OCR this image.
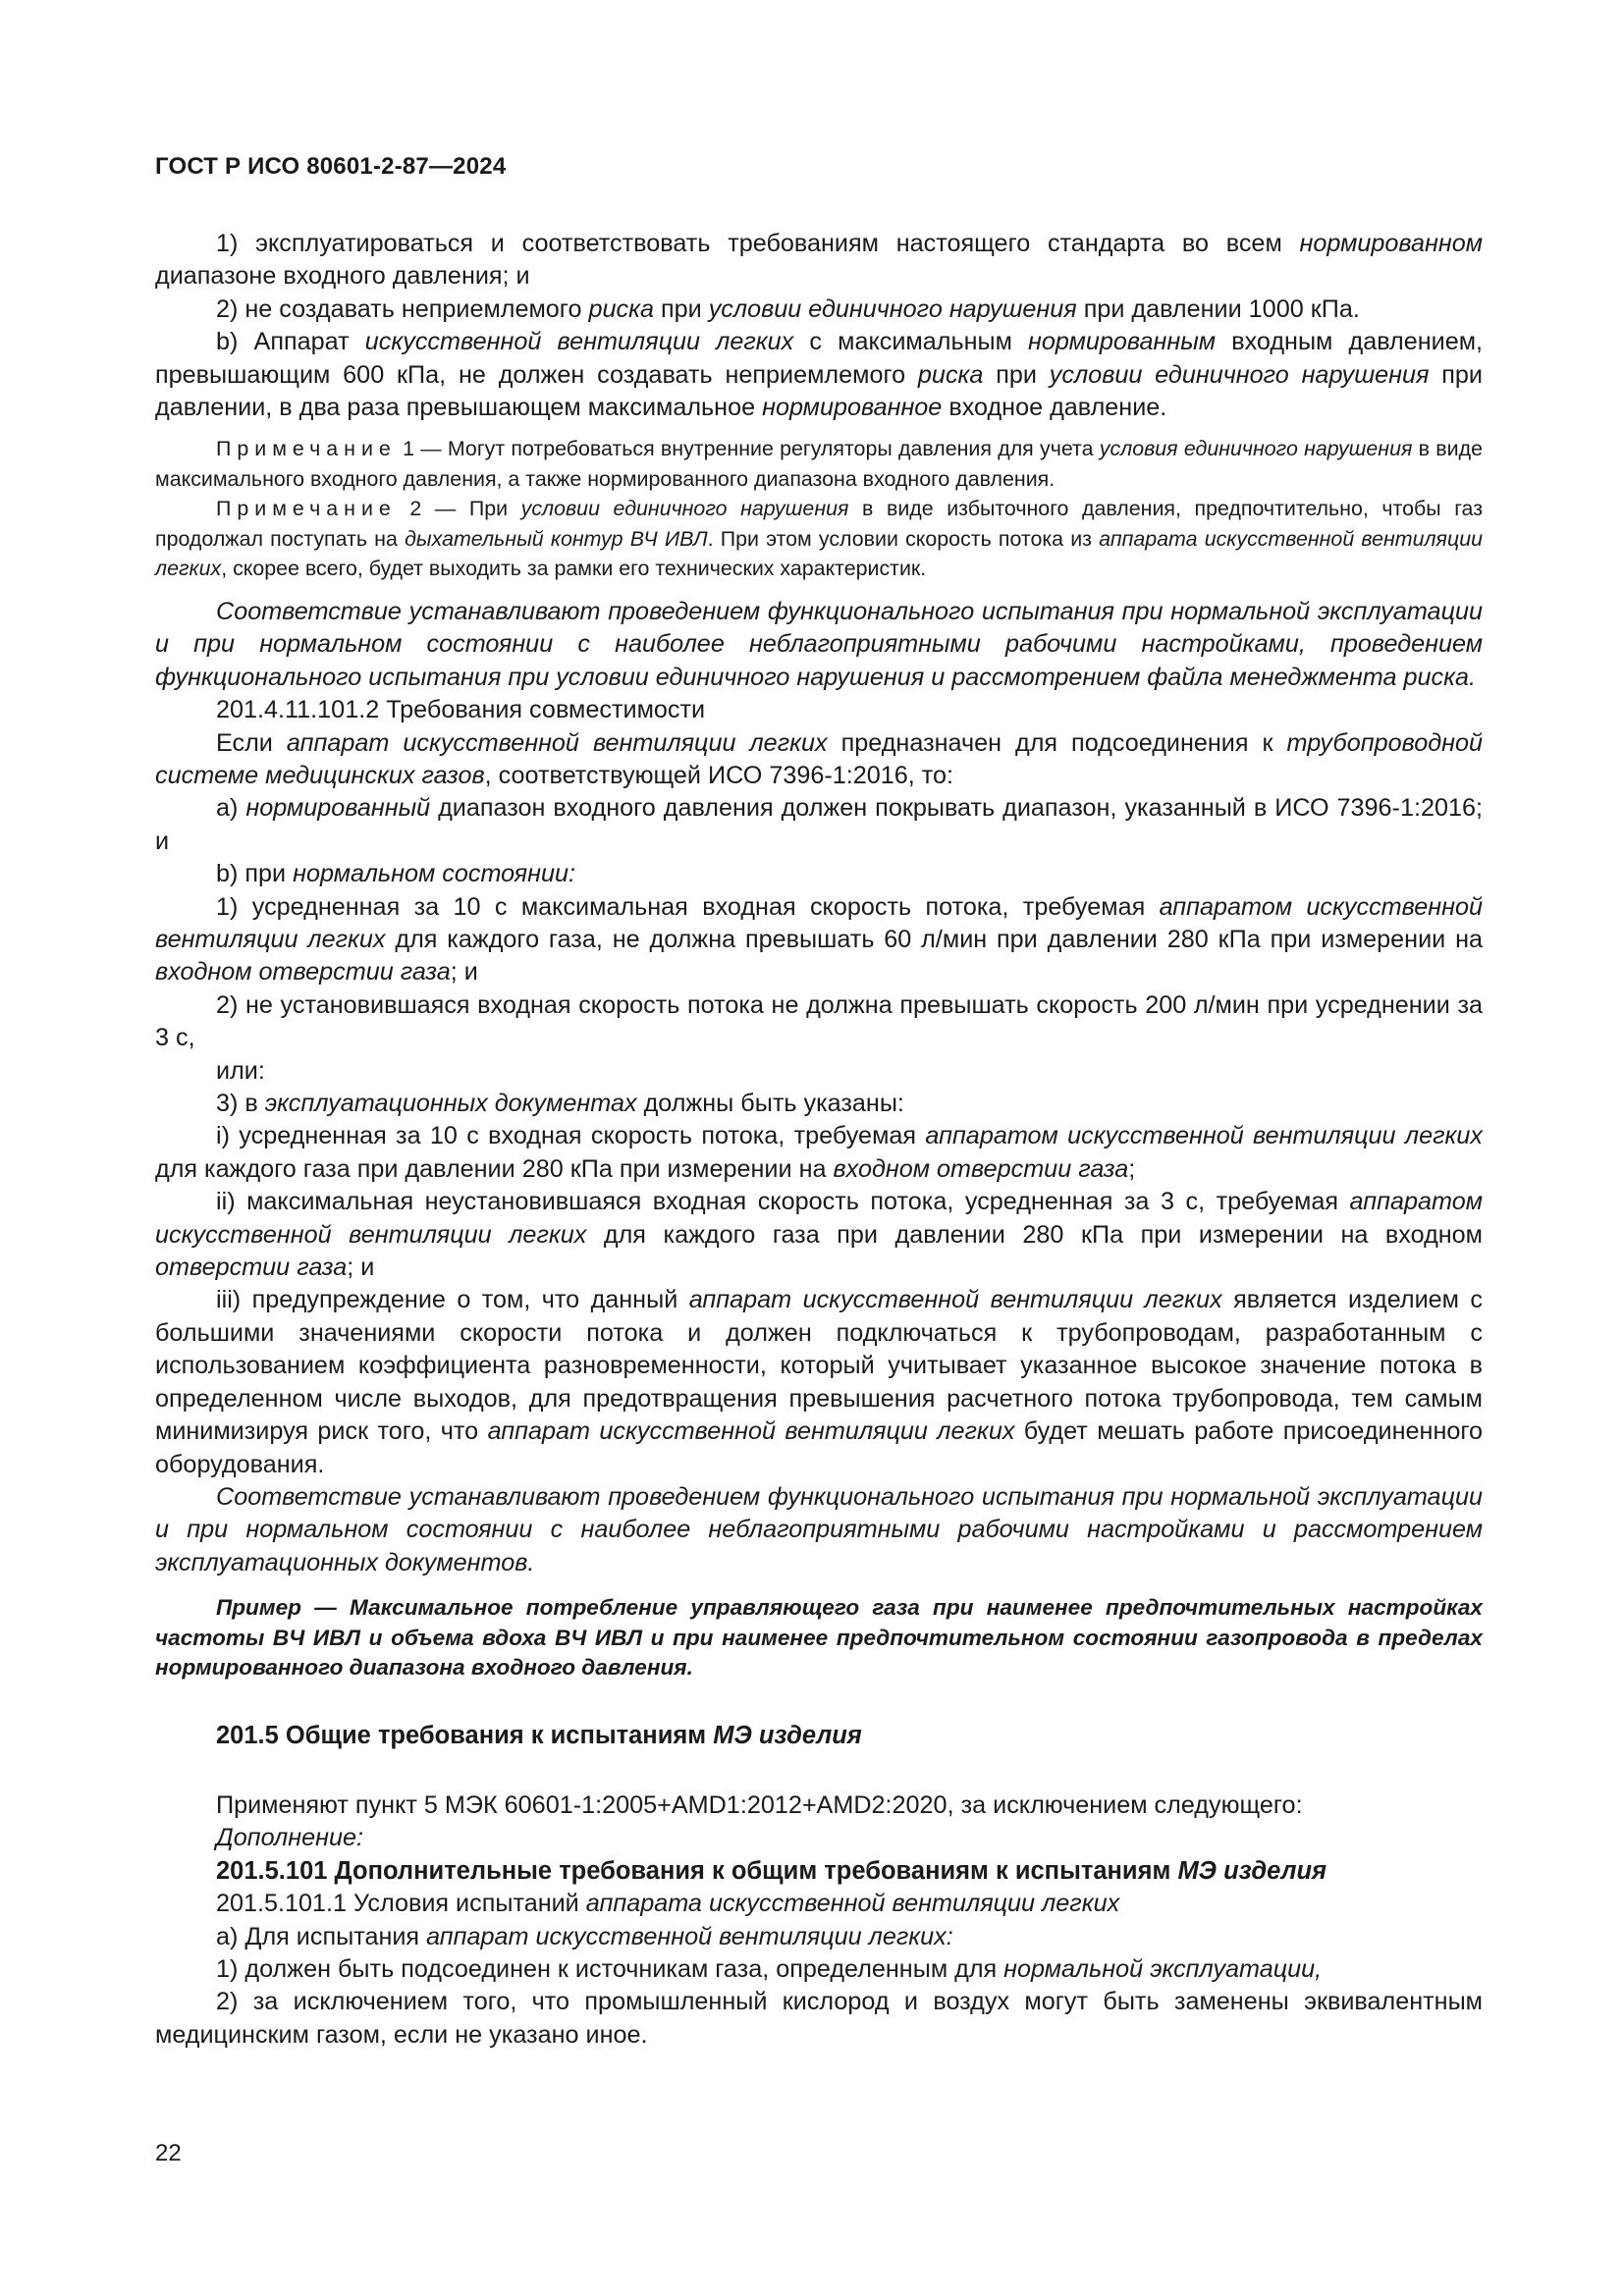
ГОСТ Р ИСО 80601-2-87—2024

1) эксплуатироваться и соответствовать требованиям настоящего стандарта во всем нормированном диапазоне входного давления; и

2) не создавать неприемлемого риска при условии единичного нарушения при давлении 1000 кПа.

b) Аппарат искусственной вентиляции легких с максимальным нормированным входным давлением, превышающим 600 кПа, не должен создавать неприемлемого риска при условии единичного нарушения при давлении, в два раза превышающем максимальное нормированное входное давление.

Примечание 1 — Могут потребоваться внутренние регуляторы давления для учета условия единичного нарушения в виде максимального входного давления, а также нормированного диапазона входного давления.

Примечание 2 — При условии единичного нарушения в виде избыточного давления, предпочтительно, чтобы газ продолжал поступать на дыхательный контур ВЧ ИВЛ. При этом условии скорость потока из аппарата искусственной вентиляции легких, скорее всего, будет выходить за рамки его технических характеристик.

Соответствие устанавливают проведением функционального испытания при нормальной эксплуатации и при нормальном состоянии с наиболее неблагоприятными рабочими настройками, проведением функционального испытания при условии единичного нарушения и рассмотрением файла менеджмента риска.

201.4.11.101.2 Требования совместимости

Если аппарат искусственной вентиляции легких предназначен для подсоединения к трубопроводной системе медицинских газов, соответствующей ИСО 7396-1:2016, то:

а) нормированный диапазон входного давления должен покрывать диапазон, указанный в ИСО 7396-1:2016; и

b) при нормальном состоянии:

1) усредненная за 10 с максимальная входная скорость потока, требуемая аппаратом искусственной вентиляции легких для каждого газа, не должна превышать 60 л/мин при давлении 280 кПа при измерении на входном отверстии газа; и

2) не установившаяся входная скорость потока не должна превышать скорость 200 л/мин при усреднении за 3 с,

или:

3) в эксплуатационных документах должны быть указаны:

i) усредненная за 10 с входная скорость потока, требуемая аппаратом искусственной вентиляции легких для каждого газа при давлении 280 кПа при измерении на входном отверстии газа;

ii) максимальная неустановившаяся входная скорость потока, усредненная за 3 с, требуемая аппаратом искусственной вентиляции легких для каждого газа при давлении 280 кПа при измерении на входном отверстии газа; и

iii) предупреждение о том, что данный аппарат искусственной вентиляции легких является изделием с большими значениями скорости потока и должен подключаться к трубопроводам, разработанным с использованием коэффициента разновременности, который учитывает указанное высокое значение потока в определенном числе выходов, для предотвращения превышения расчетного потока трубопровода, тем самым минимизируя риск того, что аппарат искусственной вентиляции легких будет мешать работе присоединенного оборудования.

Соответствие устанавливают проведением функционального испытания при нормальной эксплуатации и при нормальном состоянии с наиболее неблагоприятными рабочими настройками и рассмотрением эксплуатационных документов.

Пример — Максимальное потребление управляющего газа при наименее предпочтительных настройках частоты ВЧ ИВЛ и объема вдоха ВЧ ИВЛ и при наименее предпочтительном состоянии газопровода в пределах нормированного диапазона входного давления.

201.5 Общие требования к испытаниям МЭ изделия

Применяют пункт 5 МЭК 60601-1:2005+AMD1:2012+AMD2:2020, за исключением следующего:

Дополнение:

201.5.101 Дополнительные требования к общим требованиям к испытаниям МЭ изделия

201.5.101.1 Условия испытаний аппарата искусственной вентиляции легких

а) Для испытания аппарат искусственной вентиляции легких:

1) должен быть подсоединен к источникам газа, определенным для нормальной эксплуатации,

2) за исключением того, что промышленный кислород и воздух могут быть заменены эквивалентным медицинским газом, если не указано иное.

22
